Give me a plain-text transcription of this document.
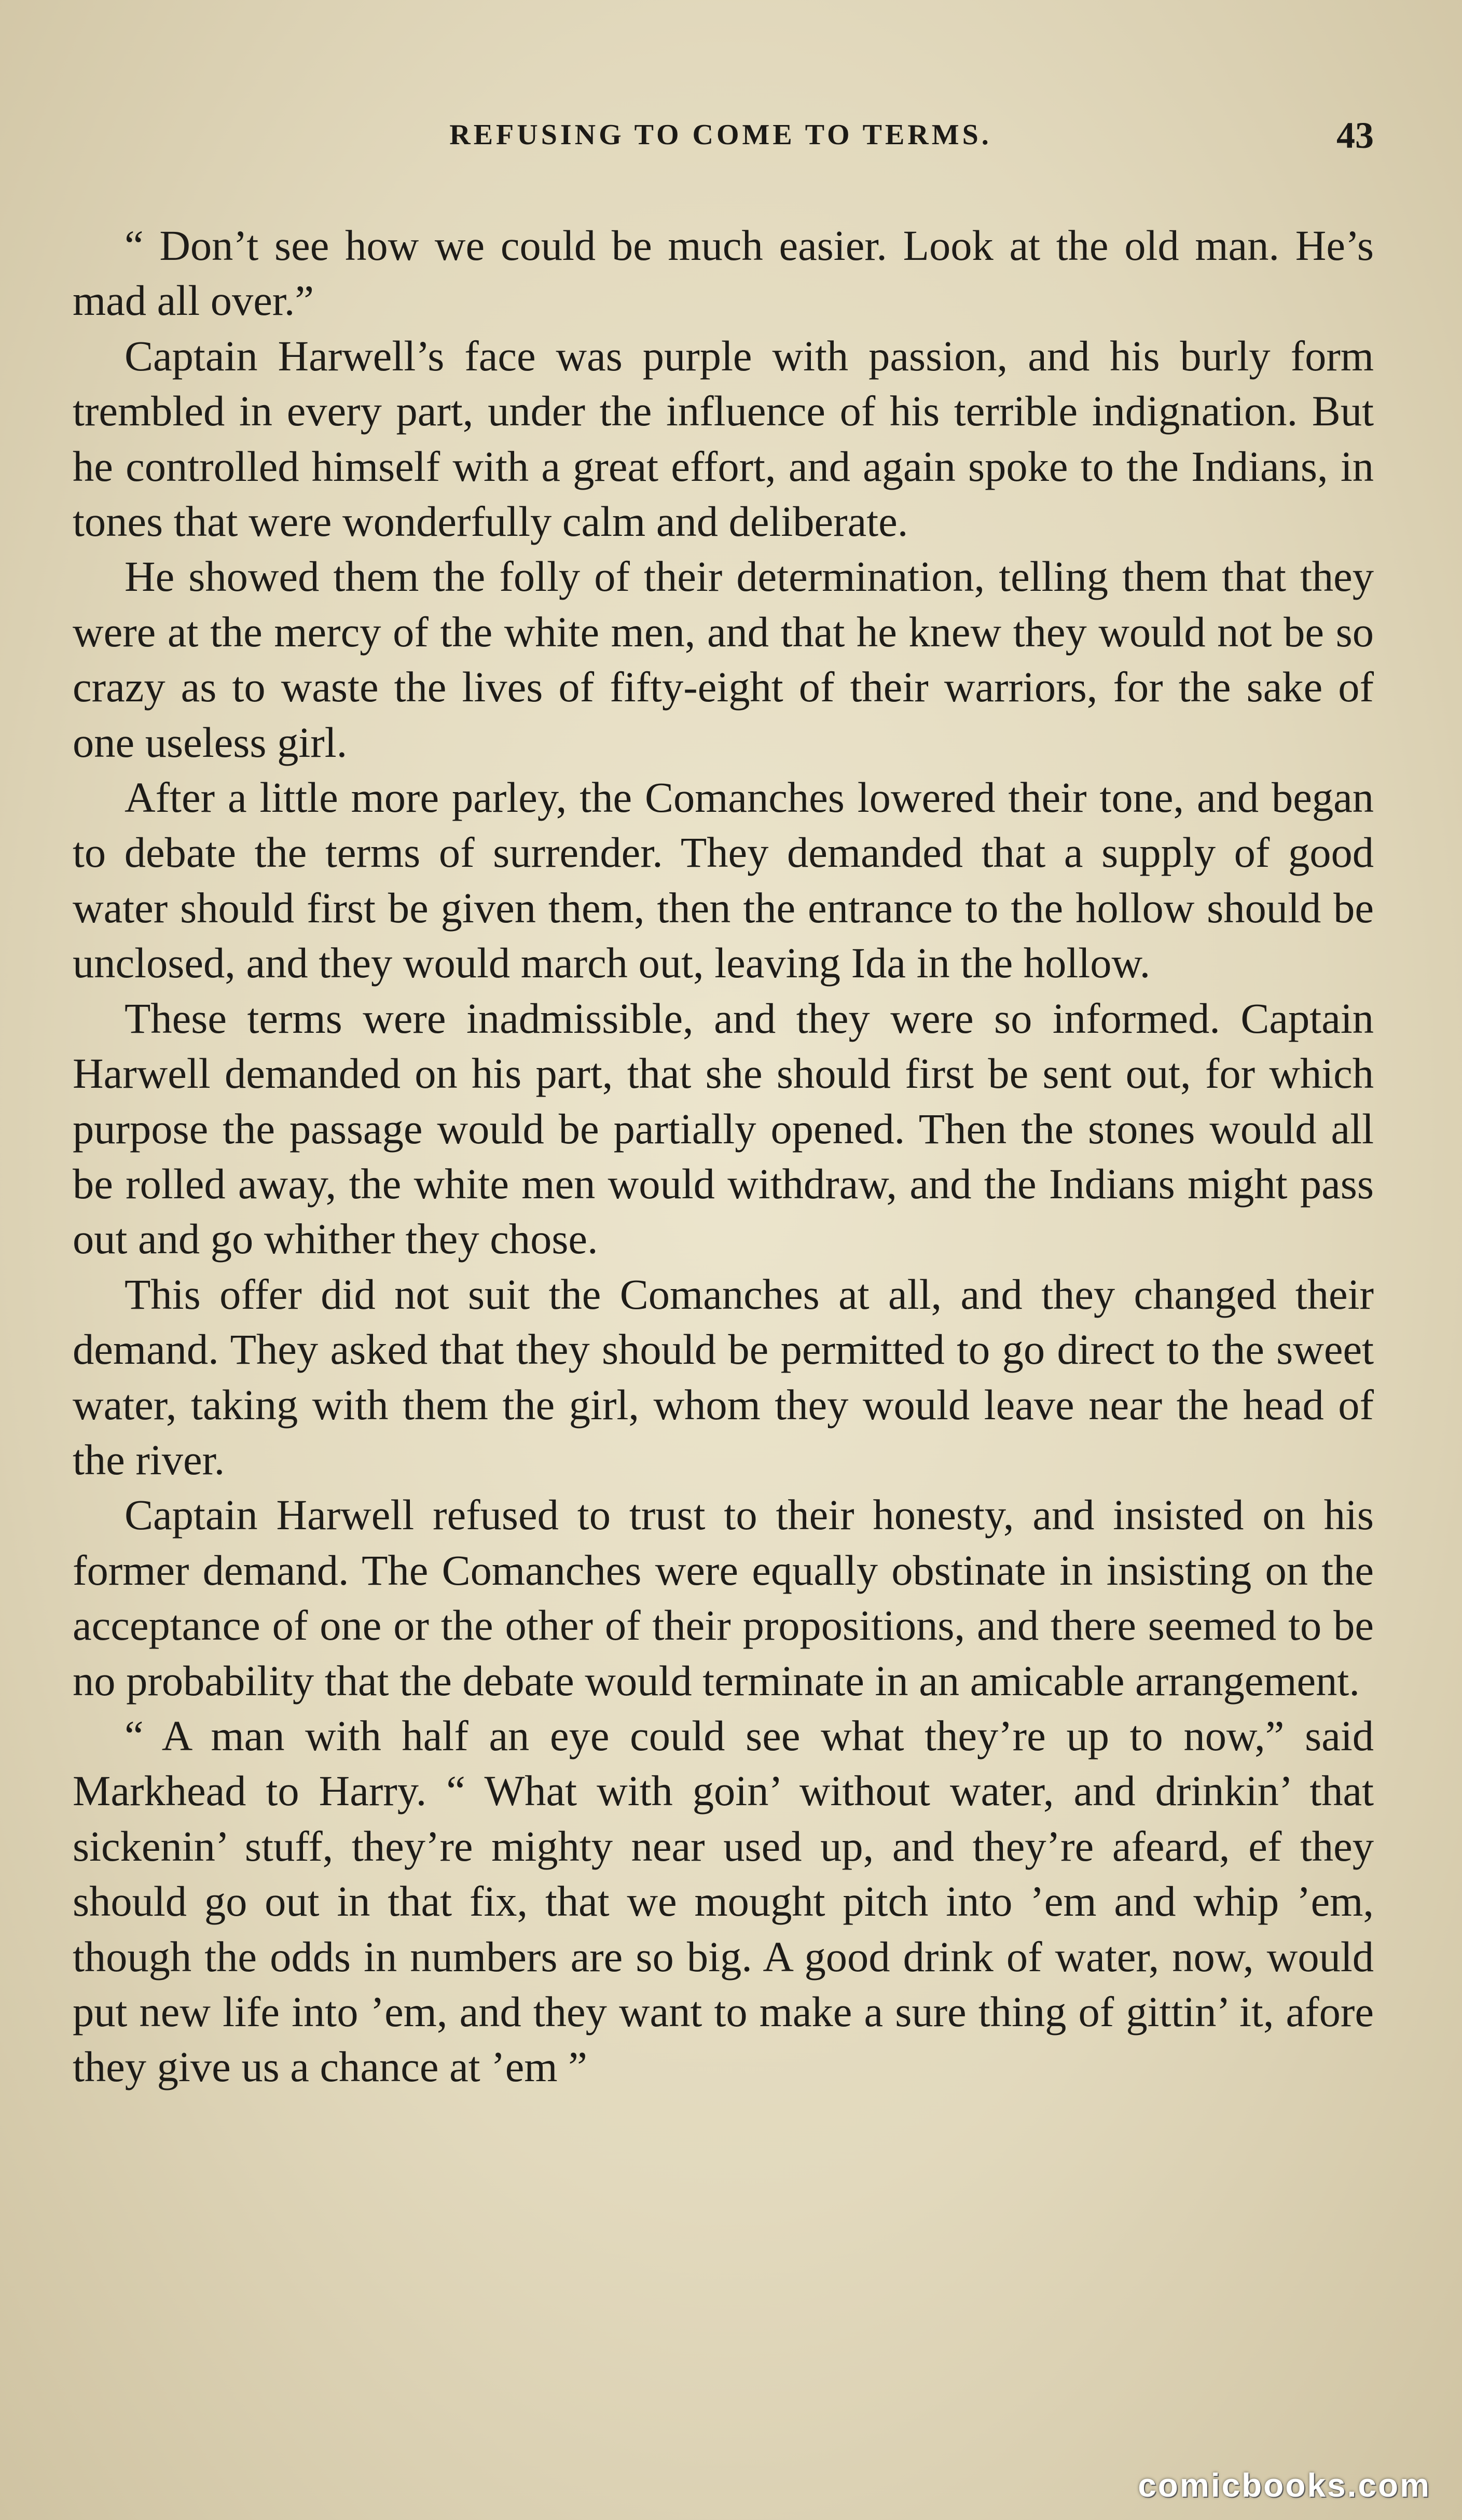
REFUSING TO COME TO TERMS.	43

“ Don’t see how we could be much easier. Look at the old man. He’s mad all over.”

Captain Harwell’s face was purple with passion, and his burly form trembled in every part, under the influence of his terrible indignation. But he controlled himself with a great effort, and again spoke to the Indians, in tones that were wonderfully calm and deliberate.

He showed them the folly of their determination, telling them that they were at the mercy of the white men, and that he knew they would not be so crazy as to waste the lives of fifty-eight of their warriors, for the sake of one useless girl.

After a little more parley, the Comanches lowered their tone, and began to debate the terms of surrender. They demanded that a supply of good water should first be given them, then the entrance to the hollow should be unclosed, and they would march out, leaving Ida in the hollow.

These terms were inadmissible, and they were so informed. Captain Harwell demanded on his part, that she should first be sent out, for which purpose the passage would be partially opened. Then the stones would all be rolled away, the white men would withdraw, and the Indians might pass out and go whither they chose.

This offer did not suit the Comanches at all, and they changed their demand. They asked that they should be permitted to go direct to the sweet water, taking with them the girl, whom they would leave near the head of the river.

Captain Harwell refused to trust to their honesty, and insisted on his former demand. The Comanches were equally obstinate in insisting on the acceptance of one or the other of their propositions, and there seemed to be no probability that the debate would terminate in an amicable arrangement.

“ A man with half an eye could see what they’re up to now,” said Markhead to Harry. “ What with goin’ without water, and drinkin’ that sickenin’ stuff, they’re mighty near used up, and they’re afeard, ef they should go out in that fix, that we mought pitch into ’em and whip ’em, though the odds in numbers are so big. A good drink of water, now, would put new life into ’em, and they want to make a sure thing of gittin’ it, afore they give us a chance at ’em ”

comicbooks.com
